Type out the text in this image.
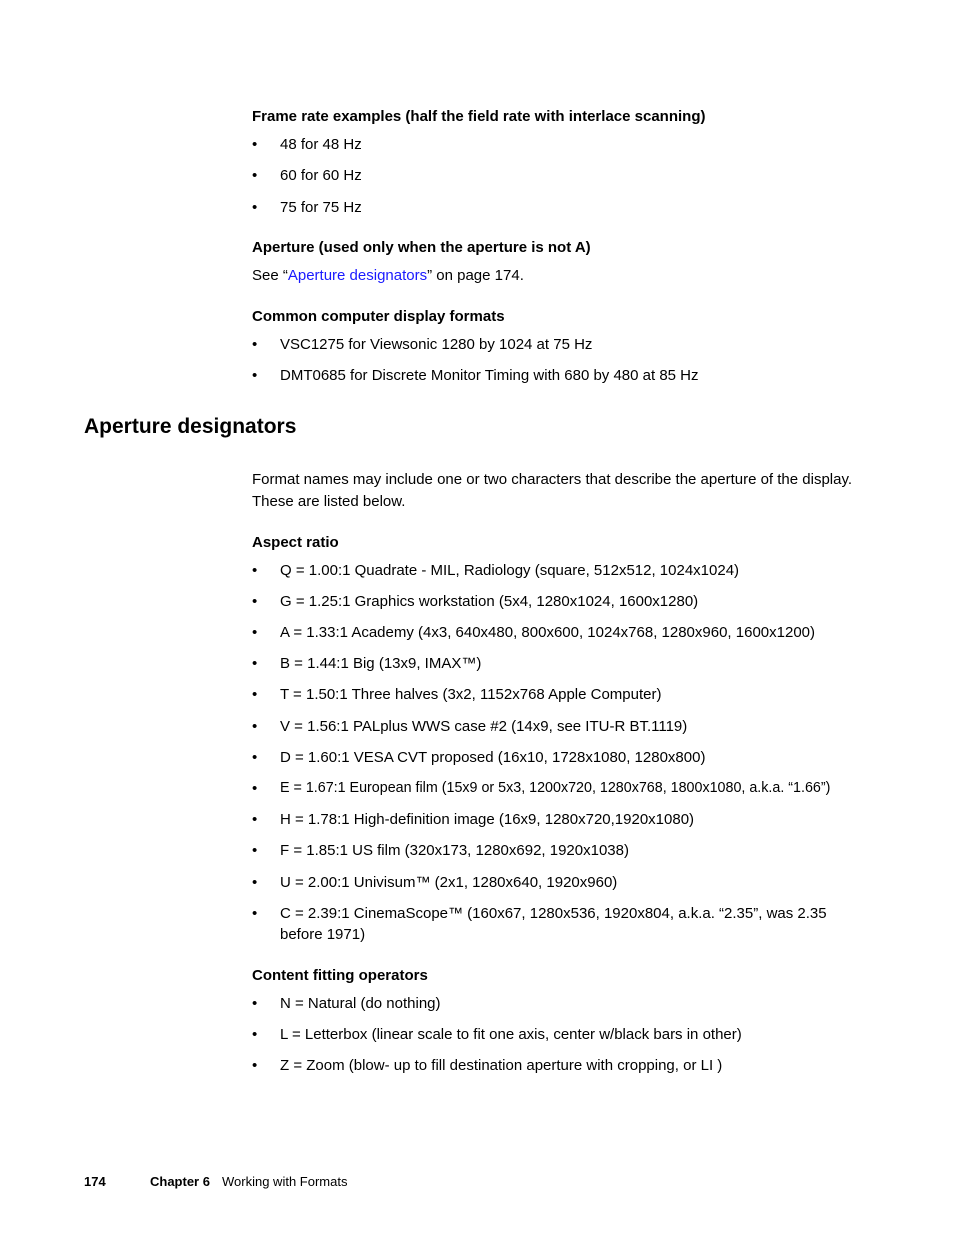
Frame rate examples (half the field rate with interlace scanning)
• 48 for 48 Hz
• 60 for 60 Hz
• 75 for 75 Hz
Aperture (used only when the aperture is not A)
See “Aperture designators” on page 174.
Common computer display formats
• VSC1275 for Viewsonic 1280 by 1024 at 75 Hz
• DMT0685 for Discrete Monitor Timing with 680 by 480 at 85 Hz
Aperture designators
Format names may include one or two characters that describe the aperture of the display. These are listed below.
Aspect ratio
• Q = 1.00:1 Quadrate - MIL, Radiology (square, 512x512, 1024x1024)
• G = 1.25:1 Graphics workstation (5x4, 1280x1024, 1600x1280)
• A = 1.33:1 Academy (4x3, 640x480, 800x600, 1024x768, 1280x960, 1600x1200)
• B = 1.44:1 Big (13x9, IMAX™)
• T = 1.50:1 Three halves (3x2, 1152x768 Apple Computer)
• V = 1.56:1 PALplus WWS case #2 (14x9, see ITU-R BT.1119)
• D = 1.60:1 VESA CVT proposed (16x10, 1728x1080, 1280x800)
• E = 1.67:1 European film (15x9 or 5x3, 1200x720, 1280x768, 1800x1080, a.k.a. “1.66”)
• H = 1.78:1 High-definition image (16x9, 1280x720,1920x1080)
• F = 1.85:1 US film (320x173, 1280x692, 1920x1038)
• U = 2.00:1 Univisum™ (2x1, 1280x640, 1920x960)
• C = 2.39:1 CinemaScope™ (160x67, 1280x536, 1920x804, a.k.a. “2.35”, was 2.35 before 1971)
Content fitting operators
• N = Natural (do nothing)
• L = Letterbox (linear scale to fit one axis, center w/black bars in other)
• Z = Zoom (blow- up to fill destination aperture with cropping, or LI )
174	Chapter 6 Working with Formats
